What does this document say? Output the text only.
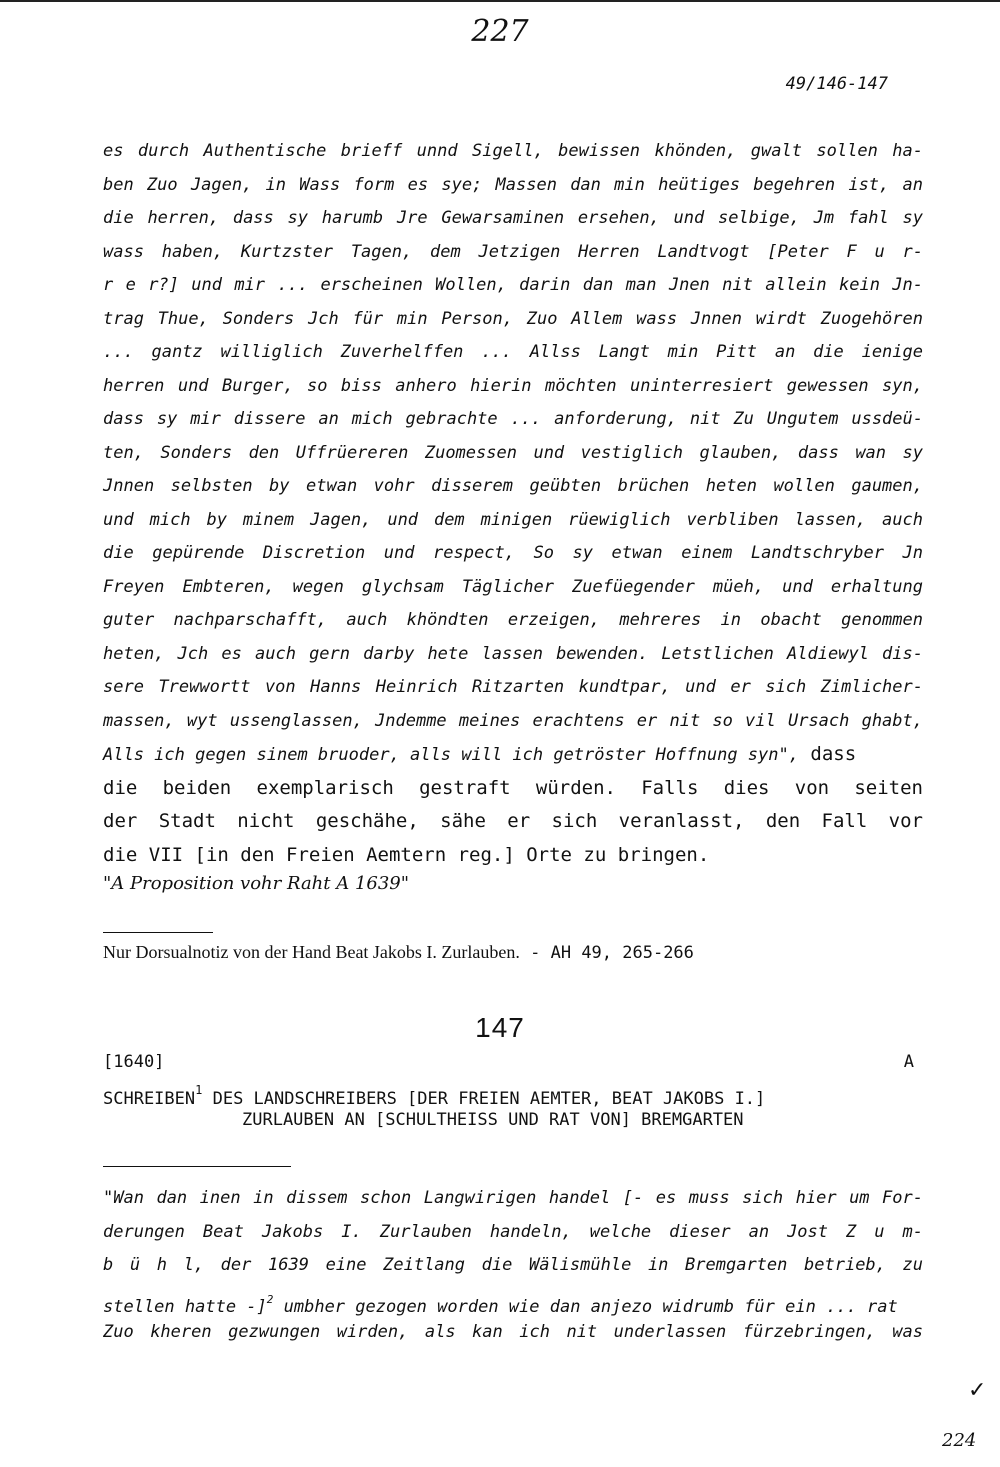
227
49/146-147
es durch Authentische brieff unnd Sigell, bewissen khönden, gwalt sollen ha-
ben Zuo Jagen, in Wass form es sye; Massen dan min heütiges begehren ist, an
die herren, dass sy harumb Jre Gewarsaminen ersehen, und selbige, Jm fahl sy
wass haben, Kurtzster Tagen, dem Jetzigen Herren Landtvogt [Peter F u r-
r e r?] und mir ... erscheinen Wollen, darin dan man Jnen nit allein kein Jn-
trag Thue, Sonders Jch für min Person, Zuo Allem wass Jnnen wirdt Zuogehören
... gantz williglich Zuverhelffen ... Allss Langt min Pitt an die ienige
herren und Burger, so biss anhero hierin möchten uninterresiert gewessen syn,
dass sy mir dissere an mich gebrachte ... anforderung, nit Zu Ungutem ussdeü-
ten, Sonders den Uffrüereren Zuomessen und vestiglich glauben, dass wan sy
Jnnen selbsten by etwan vohr disserem geübten brüchen heten wollen gaumen,
und mich by minem Jagen, und dem minigen rüewiglich verbliben lassen, auch
die gepürende Discretion und respect, So sy etwan einem Landtschryber Jn
Freyen Embteren, wegen glychsam Täglicher Zuefüegender müeh, und erhaltung
guter nachparschafft, auch khöndten erzeigen, mehreres in obacht genommen
heten, Jch es auch gern darby hete lassen bewenden. Letstlichen Aldiewyl dis-
sere Trewwortt von Hanns Heinrich Ritzarten kundtpar, und er sich Zimlicher-
massen, wyt ussenglassen, Jndemme meines erachtens er nit so vil Ursach ghabt,
Alls ich gegen sinem bruoder, alls will ich getröster Hoffnung syn", dass
die beiden exemplarisch gestraft würden. Falls dies von seiten
der Stadt nicht geschähe, sähe er sich veranlasst, den Fall vor
die VII [in den Freien Aemtern reg.] Orte zu bringen.
"A Proposition vohr Raht A 1639"
Nur Dorsualnotiz von der Hand Beat Jakobs I. Zurlauben. - AH 49, 265-266
147
[1640]	A
SCHREIBEN$^1$ DES LANDSCHREIBERS [DER FREIEN AEMTER, BEAT JAKOBS I.]
ZURLAUBEN AN [SCHULTHEISS UND RAT VON] BREMGARTEN
"Wan dan inen in dissem schon Langwirigen handel [- es muss sich hier um For-
derungen Beat Jakobs I. Zurlauben handeln, welche dieser an Jost Z u m-
b ü h l, der 1639 eine Zeitlang die Wälismühle in Bremgarten betrieb, zu
stellen hatte -]$^2$ umbher gezogen worden wie dan anjezo widrumb für ein ... rat
Zuo kheren gezwungen wirden, als kan ich nit underlassen fürzebringen, was
✓
224
